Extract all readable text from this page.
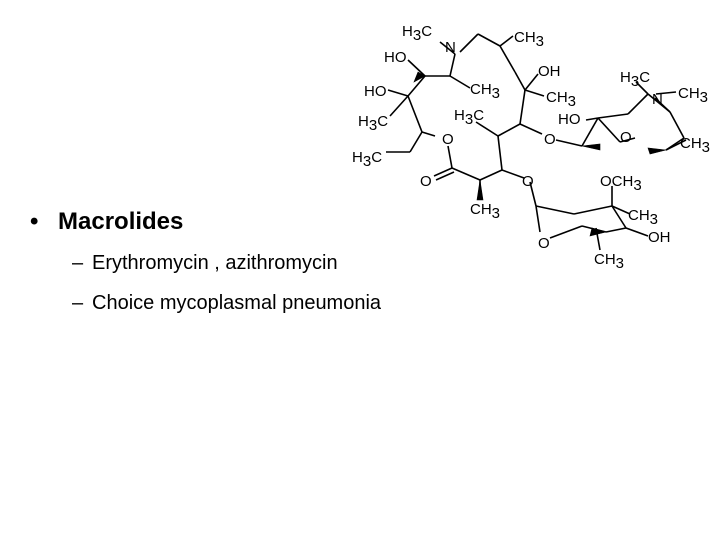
H3C
N
CH3
HO
CH3
OH
HO	CH3
H3C	H3C
O
H3C
O
CH3
O
O
H3C
N CH3
HO
O	CH3
OCH3
CH3
O	OH
CH3
• Macrolides
– Erythromycin , azithromycin
– Choice mycoplasmal pneumonia
